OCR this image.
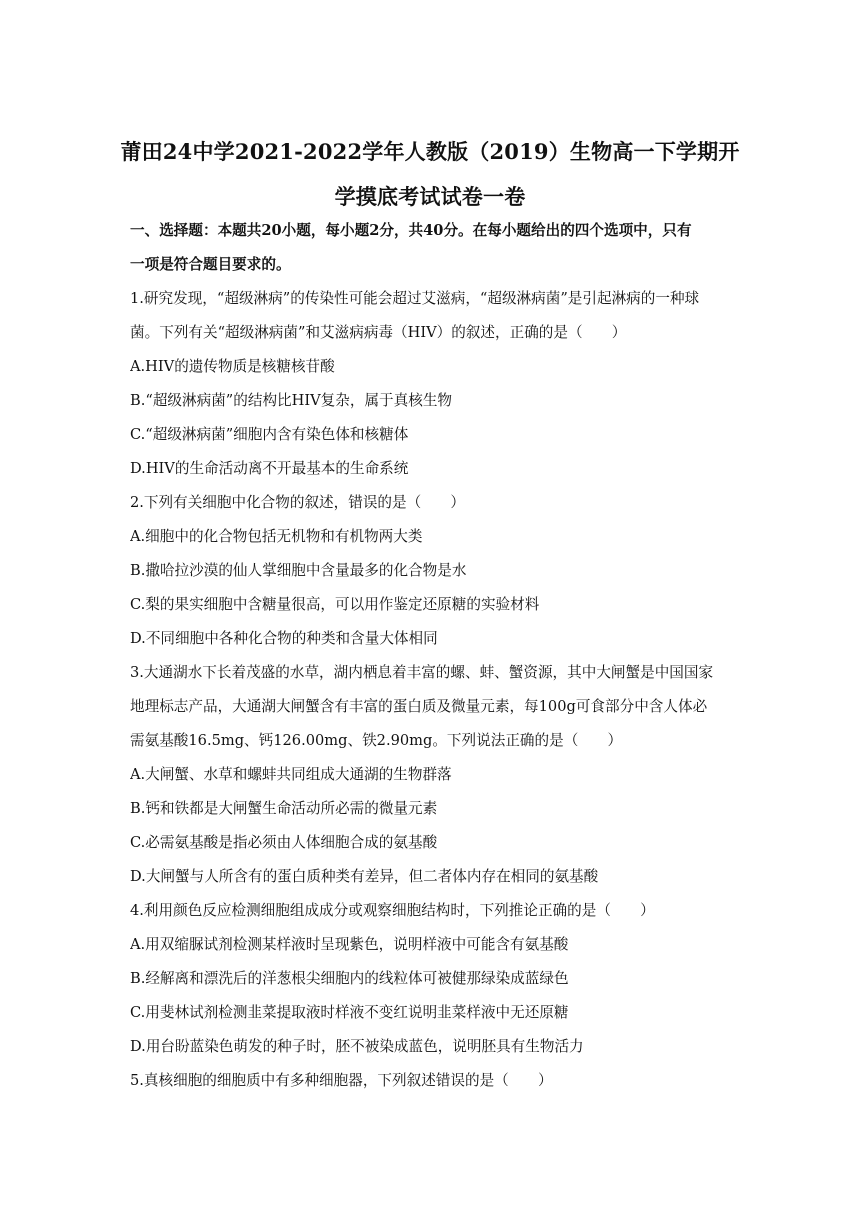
莆田24中学2021-2022学年人教版（2019）生物高一下学期开
学摸底考试试卷一卷
一、选择题：本题共20小题，每小题2分，共40分。在每小题给出的四个选项中，只有
一项是符合题目要求的。
1.研究发现，“超级淋病”的传染性可能会超过艾滋病，“超级淋病菌”是引起淋病的一种球
菌。下列有关“超级淋病菌”和艾滋病病毒（HIV）的叙述，正确的是（　　）
A.HIV的遗传物质是核糖核苷酸
B.“超级淋病菌”的结构比HIV复杂，属于真核生物
C.“超级淋病菌”细胞内含有染色体和核糖体
D.HIV的生命活动离不开最基本的生命系统
2.下列有关细胞中化合物的叙述，错误的是（　　）
A.细胞中的化合物包括无机物和有机物两大类
B.撒哈拉沙漠的仙人掌细胞中含量最多的化合物是水
C.梨的果实细胞中含糖量很高，可以用作鉴定还原糖的实验材料
D.不同细胞中各种化合物的种类和含量大体相同
3.大通湖水下长着茂盛的水草，湖内栖息着丰富的螺、蚌、蟹资源，其中大闸蟹是中国国家
地理标志产品，大通湖大闸蟹含有丰富的蛋白质及微量元素，每100g可食部分中含人体必
需氨基酸16.5mg、钙126.00mg、铁2.90mg。下列说法正确的是（　　）
A.大闸蟹、水草和螺蚌共同组成大通湖的生物群落
B.钙和铁都是大闸蟹生命活动所必需的微量元素
C.必需氨基酸是指必须由人体细胞合成的氨基酸
D.大闸蟹与人所含有的蛋白质种类有差异，但二者体内存在相同的氨基酸
4.利用颜色反应检测细胞组成成分或观察细胞结构时，下列推论正确的是（　　）
A.用双缩脲试剂检测某样液时呈现紫色，说明样液中可能含有氨基酸
B.经解离和漂洗后的洋葱根尖细胞内的线粒体可被健那绿染成蓝绿色
C.用斐林试剂检测韭菜提取液时样液不变红说明韭菜样液中无还原糖
D.用台盼蓝染色萌发的种子时，胚不被染成蓝色，说明胚具有生物活力
5.真核细胞的细胞质中有多种细胞器，下列叙述错误的是（　　）
